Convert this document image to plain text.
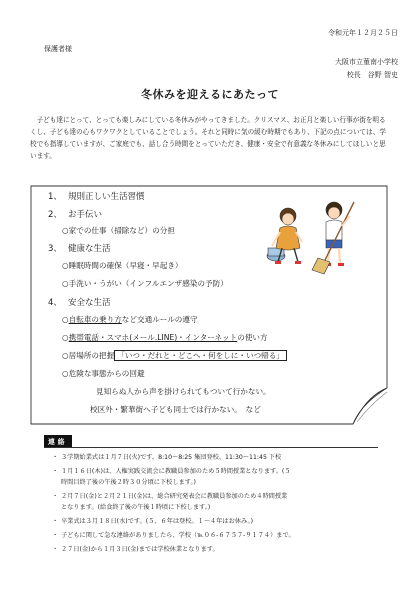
令和元年１２月２５日
保護者様
大阪市立菫南小学校
校長　谷野 智史
冬休みを迎えるにあたって
子ども達にとって、とっても楽しみにしている冬休みがやってきました。クリスマス、お正月と楽しい行事が街を明るくし、子ども達の心もワクワクとしていることでしょう。それと同時に気の緩む時期でもあり、下記の点については、学校でも指導していますが、ご家庭でも、話し合う時間をとっていただき、健康・安全で有意義な冬休みにしてほしいと思います。
1、 規則正しい生活習慣
2、 お手伝い
○家での仕事（掃除など）の分担
3、 健康な生活
○睡眠時間の確保（早寝・早起き）
○手洗い・うがい（インフルエンザ感染の予防）
4、 安全な生活
○自転車の乗り方など交通ルールの遵守
○携帯電話・スマホ(メール.LINE)・インターネットの使い方
○居場所の把握 「いつ・だれと・どこへ・何をしに・いつ帰る」
○危険な事態からの回避
見知らぬ人から声を掛けられてもついて行かない。
校区外・繁華街へ子ども同士では行かない。　など
連絡
・ ３学期始業式は１月７日(火)です。8:10～8:25 集団登校、11:30～11:45 下校
・ １月１６日(木)は、人権実践交流会に教職員参加のため５時間授業となります。(５
時間目終了後の午後２時３０分頃に下校します。)
・ ２月７日(金)と２月２１日(金)は、総合研究発表会に教職員参加のため４時間授業
となります。(給食終了後の午後１時頃に下校します。)
・ 卒業式は３月１８日(水)です。(５、６年は登校。１～４年はお休み。)
・ 子どもに関して急な連絡がありましたら、学校（℡０６-６７５７-９１７４）まで。
・ ２７日(金)から１月３日(金)までは学校休業となります。
